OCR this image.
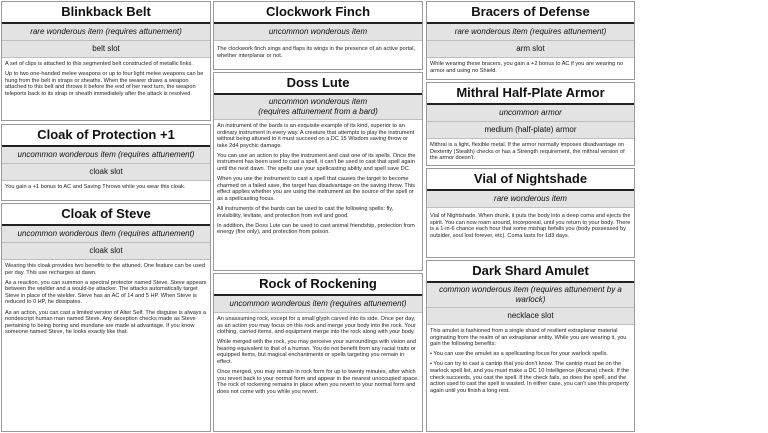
Blinkback Belt
rare wonderous item (requires attunement)
belt slot

A set of clips is attached to this segmented belt constructed of metallic links.

Up to two one-handed melee weapons or up to four light melee weapons can be hung from the belt in straps or sheaths. When the wearer draws a weapon attached to this belt and throws it before the end of her next turn, the weapon teleports back to its strap or sheath immediately after the attack is resolved.

Cloak of Protection +1
uncommon wonderous item (requires attunement)
cloak slot

You gain a +1 bonus to AC and Saving Throws while you wear this cloak.

Cloak of Steve
uncommon wonderous item (requires attunement)
cloak slot

Wearing this cloak provides two benefits to the attuned. One feature can be used per day. This use recharges at dawn.

As a reaction, you can summon a spectral protector named Steve. Steve appears between the wielder and a would-be attacker. The attacks automatically target Steve in place of the wielder. Steve has an AC of 14 and 5 HP. When Steve is reduced to 0 HP, he dissipates.

As an action, you can cast a limited version of Alter Self. The disguise is always a nondescript human man named Steve. Any deception checks made as Steve pertaining to being boring and mundane are made at advantage. If you know someone named Steve, he looks exactly like that.

Clockwork Finch
uncommon wonderous item

The clockwork finch sings and flaps its wings in the presence of an active portal, whether interplanar or not.

Doss Lute
uncommon wonderous item
(requires attunement from a bard)

An instrument of the bards is an exquisite example of its kind, superior to an ordinary instrument in every way. A creature that attempts to play the instrument without being attuned to it must succeed on a DC 15 Wisdom saving throw or take 2d4 psychic damage.

You can use an action to play the instrument and cast one of its spells. Once the instrument has been used to cast a spell, it can't be used to cast that spell again until the next dawn. The spells use your spellcasting ability and spell save DC.

When you use the instrument to cast a spell that causes the target to become charmed on a failed save, the target has disadvantage on the saving throw. This effect applies whether you are using the instrument as the source of the spell or as a spellcasting focus.

All instruments of the bards can be used to cast the following spells: fly, invisibility, levitate, and protection from evil and good.

In addition, the Doss Lute can be used to cast animal friendship, protection from energy (fire only), and protection from poison.

Rock of Rockening
uncommon wonderous item (requires attunement)

An unassuming rock, except for a small glyph carved into its side. Once per day, as an action you may focus on this rock and merge your body into the rock. Your clothing, carried items, and equipment merge into the rock along with your body.

While merged with the rock, you may perceive your surroundings with vision and hearing equivalent to that of a human. You do not benefit from any racial traits or equipped items, but magical enchantments or spells targeting you remain in effect.

Once merged, you may remain in rock form for up to twenty minutes, after which you revert back to your normal form and appear in the nearest unoccupied space. The rock of rockening remains in place when you revert to your normal form and does not come with you while you revert.

Bracers of Defense
rare wonderous item (requires attunement)
arm slot

While wearing these bracers, you gain a +2 bonus to AC if you are wearing no armor and using no Shield.

Mithral Half-Plate Armor
uncommon armor
medium (half-plate) armor

Mithral is a light, flexible metal. If the armor normally imposes disadvantage on Dexterity (Stealth) checks or has a Strength requirement, the mithral version of the armor doesn't.

Vial of Nightshade
rare wonderous item

Vial of Nightshade. When drunk, it puts the body into a deep coma and ejects the spirit. You can now roam around, incorporeal, until you return to your body. There is a 1-in-6 chance each hour that some mishap befalls you (body possessed by outsider, soul lost forever, etc). Coma lasts for 1d3 days.

Dark Shard Amulet
common wonderous item (requires attunement by a
warlock)
necklace slot

This amulet is fashioned from a single shard of resilient extraplanar material originating from the realm of an extraplanar entity. While you are wearing it, you gain the following benefits:

• You can use the amulet as a spellcasting focus for your warlock spells.

• You can try to cast a cantrip that you don't know. The cantrip must be on the warlock spell list, and you must make a DC 10 Intelligence (Arcana) check. If the check succeeds, you cast the spell. If the check fails, so does the spell, and the action used to cast the spell is wasted. In either case, you can't use this property again until you finish a long rest.
